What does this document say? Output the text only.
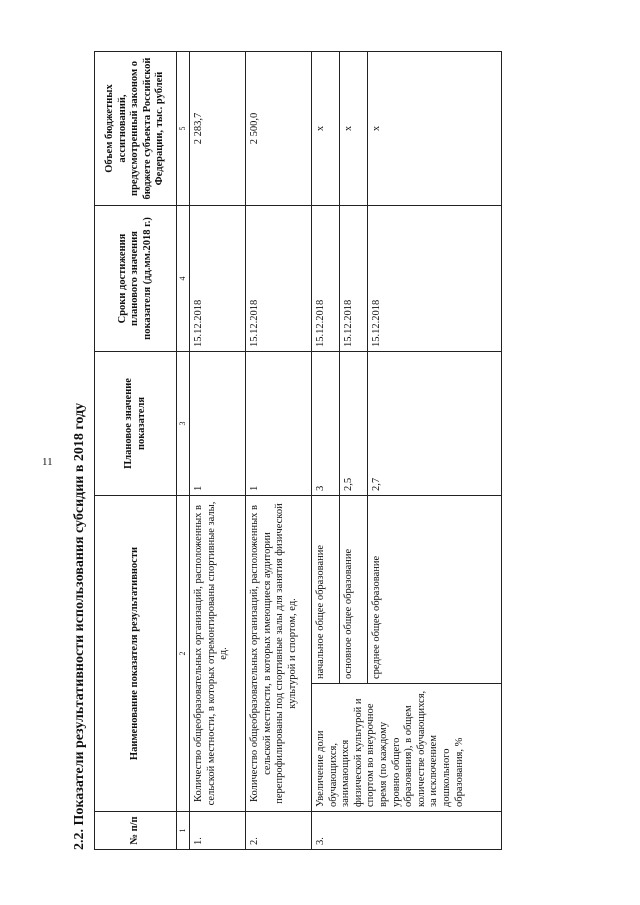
11 2.2. Показатели результативности использования субсидии в 2018 году	№ п/п	Наименование показателя результативности		Плановое значение показателя	Сроки достижения планового значения показателя (дд.мм.2018 г.)	Объем бюджетных ассигнований, предусмотренный законом о бюджете субъекта Российской Федерации, тыс. рублей
1	2		3	4	5
1.	Количество общеобразовательных организаций, расположенных в сельской местности, в которых отремонтированы спортивные залы, ед.		1	15.12.2018	2 283,7
2.	Количество общеобразовательных организаций, расположенных в сельской местности, в которых имеющиеся аудитории перепрофилированы под спортивные залы для занятия физической культурой и спортом, ед.		1	15.12.2018	2 500,0
3.	Увеличение доли обучающихся, занимающихся физической культурой и спортом во внеурочное время (по каждому уровню общего образования), в общем количестве обучающихся, за исключением дошкольного образования, %	начальное общее образование	3	15.12.2018	x
		основное общее образование	2,5	15.12.2018	x
		среднее общее образование	2,7	15.12.2018	x
